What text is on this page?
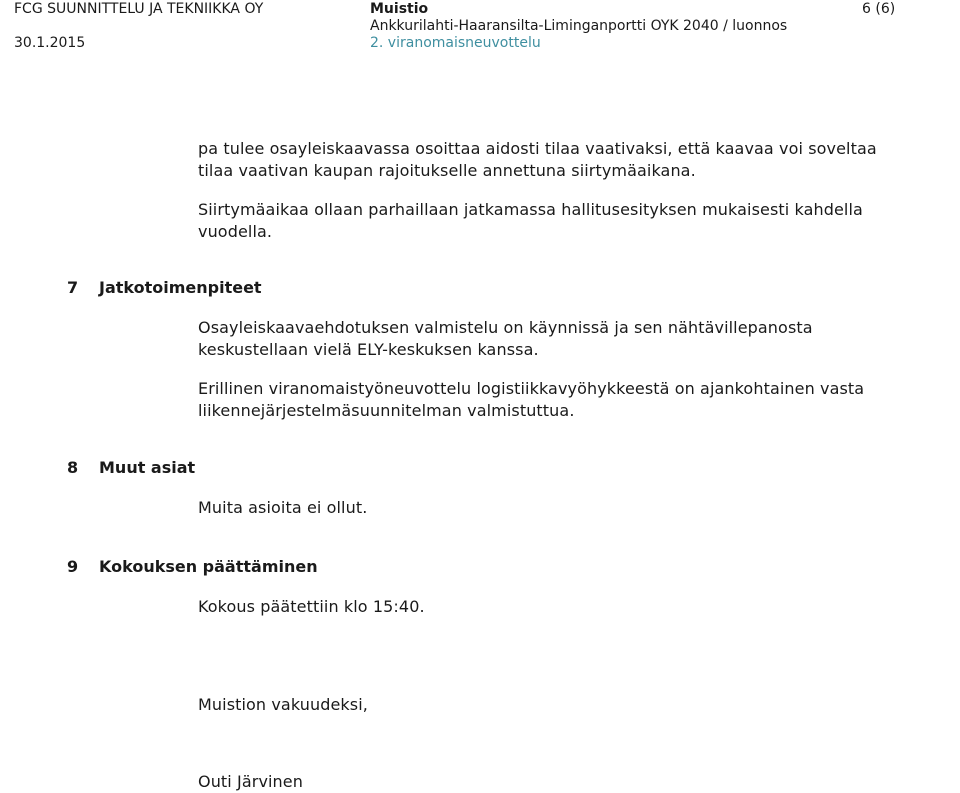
FCG SUUNNITTELU JA TEKNIIKKA OY

30.1.2015

Muistio

Ankkurilahti-Haaransilta-Liminganportti OYK 2040 / luonnos

2. viranomaisneuvottelu

6 (6)

pa tulee osayleiskaavassa osoittaa aidosti tilaa vaativaksi, että kaavaa voi soveltaa tilaa vaativan kaupan rajoitukselle annettuna siirtymäaikana.

Siirtymäaikaa ollaan parhaillaan jatkamassa hallitusesityksen mukaisesti kahdella vuodella.

7 Jatkotoimenpiteet

Osayleiskaavaehdotuksen valmistelu on käynnissä ja sen nähtävillepanosta keskustellaan vielä ELY-keskuksen kanssa.

Erillinen viranomaistyöneuvottelu logistiikkavyöhykkeestä on ajankohtainen vasta liikennejärjestelmäsuunnitelman valmistuttua.

8 Muut asiat

Muita asioita ei ollut.

9 Kokouksen päättäminen

Kokous päätettiin klo 15:40.

Muistion vakuudeksi,

Outi Järvinen
